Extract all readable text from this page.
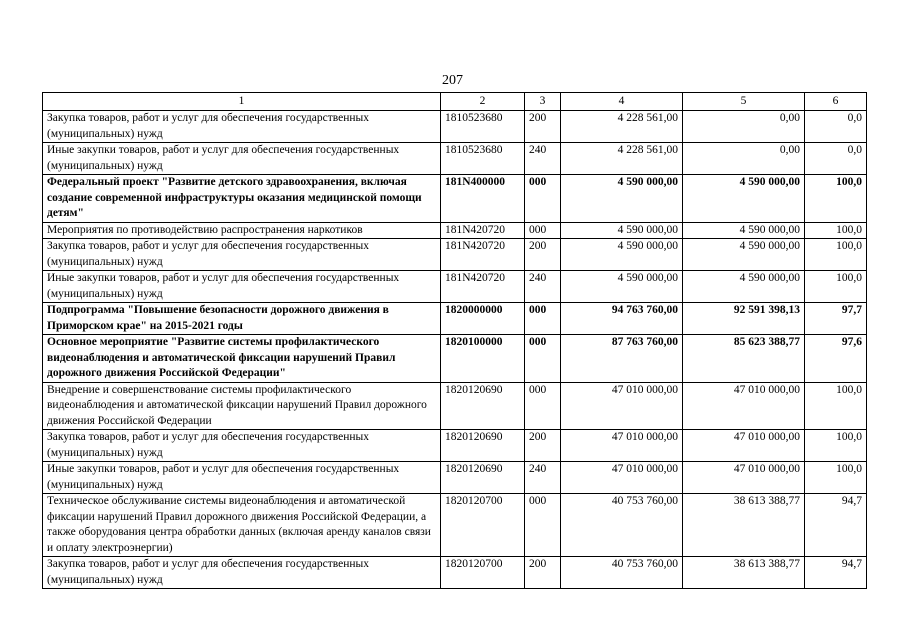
207
1	2	3	4	5	6
Закупка товаров, работ и услуг для обеспечения государственных (муниципальных) нужд	1810523680	200	4 228 561,00	0,00	0,0
Иные закупки товаров, работ и услуг для обеспечения государственных (муниципальных) нужд	1810523680	240	4 228 561,00	0,00	0,0
Федеральный проект "Развитие детского здравоохранения, включая создание современной инфраструктуры оказания медицинской помощи детям"	181N400000	000	4 590 000,00	4 590 000,00	100,0
Мероприятия по противодействию распространения наркотиков	181N420720	000	4 590 000,00	4 590 000,00	100,0
Закупка товаров, работ и услуг для обеспечения государственных (муниципальных) нужд	181N420720	200	4 590 000,00	4 590 000,00	100,0
Иные закупки товаров, работ и услуг для обеспечения государственных (муниципальных) нужд	181N420720	240	4 590 000,00	4 590 000,00	100,0
Подпрограмма "Повышение безопасности дорожного движения в Приморском крае" на 2015-2021 годы	1820000000	000	94 763 760,00	92 591 398,13	97,7
Основное мероприятие "Развитие системы профилактического видеонаблюдения и автоматической фиксации нарушений Правил дорожного движения Российской Федерации"	1820100000	000	87 763 760,00	85 623 388,77	97,6
Внедрение и совершенствование системы профилактического видеонаблюдения и автоматической фиксации нарушений Правил дорожного движения Российской Федерации	1820120690	000	47 010 000,00	47 010 000,00	100,0
Закупка товаров, работ и услуг для обеспечения государственных (муниципальных) нужд	1820120690	200	47 010 000,00	47 010 000,00	100,0
Иные закупки товаров, работ и услуг для обеспечения государственных (муниципальных) нужд	1820120690	240	47 010 000,00	47 010 000,00	100,0
Техническое обслуживание системы видеонаблюдения и автоматической фиксации нарушений Правил дорожного движения Российской Федерации, а также оборудования центра обработки данных (включая аренду каналов связи и оплату электроэнергии)	1820120700	000	40 753 760,00	38 613 388,77	94,7
Закупка товаров, работ и услуг для обеспечения государственных (муниципальных) нужд	1820120700	200	40 753 760,00	38 613 388,77	94,7
